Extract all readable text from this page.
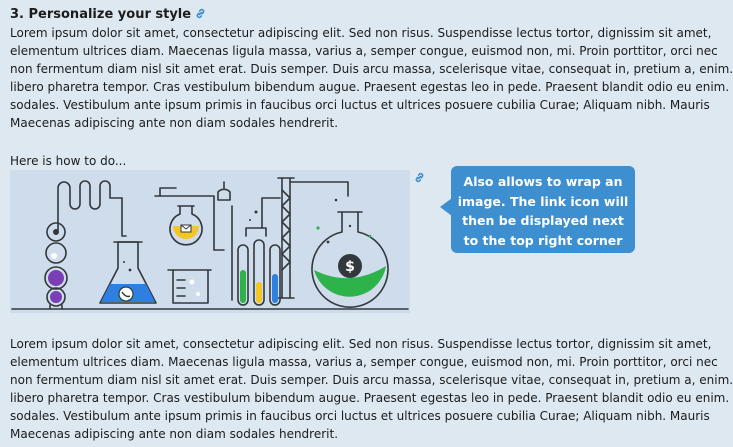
3. Personalize your style
Lorem ipsum dolor sit amet, consectetur adipiscing elit. Sed non risus. Suspendisse lectus tortor, dignissim sit amet,
elementum ultrices diam. Maecenas ligula massa, varius a, semper congue, euismod non, mi. Proin porttitor, orci nec
non fermentum diam nisl sit amet erat. Duis semper. Duis arcu massa, scelerisque vitae, consequat in, pretium a, enim.
libero pharetra tempor. Cras vestibulum bibendum augue. Praesent egestas leo in pede. Praesent blandit odio eu enim.
sodales. Vestibulum ante ipsum primis in faucibus orci luctus et ultrices posuere cubilia Curae; Aliquam nibh. Mauris
Maecenas adipiscing ante non diam sodales hendrerit.
Here is how to do...
$
Also allows to wrap an
image. The link icon will
then be displayed next
to the top right corner
Lorem ipsum dolor sit amet, consectetur adipiscing elit. Sed non risus. Suspendisse lectus tortor, dignissim sit amet,
elementum ultrices diam. Maecenas ligula massa, varius a, semper congue, euismod non, mi. Proin porttitor, orci nec
non fermentum diam nisl sit amet erat. Duis semper. Duis arcu massa, scelerisque vitae, consequat in, pretium a, enim.
libero pharetra tempor. Cras vestibulum bibendum augue. Praesent egestas leo in pede. Praesent blandit odio eu enim.
sodales. Vestibulum ante ipsum primis in faucibus orci luctus et ultrices posuere cubilia Curae; Aliquam nibh. Mauris
Maecenas adipiscing ante non diam sodales hendrerit.
